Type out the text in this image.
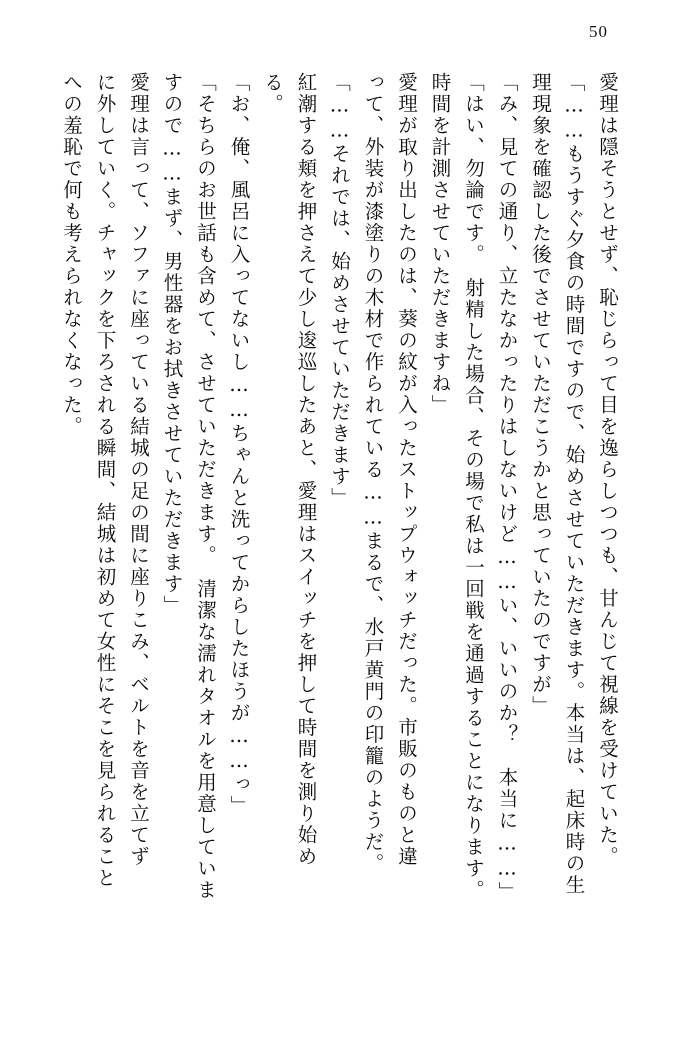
50
愛理は隠そうとせず、恥じらって目を逸らしつつも、甘んじて視線を受けていた。
「……もうすぐ夕食の時間ですので、始めさせていただきます。本当は、起床時の生
理現象を確認した後でさせていただこうかと思っていたのですが」
「み、見ての通り、立たなかったりはしないけど……い、いいのか？　本当に……」
「はい、勿論です。　射精した場合、その場で私は一回戦を通過することになります。
時間を計測させていただきますね」
愛理が取り出したのは、葵の紋が入ったストップウォッチだった。市販のものと違
って、外装が漆塗りの木材で作られている……まるで、水戸黄門の印籠のようだ。
「……それでは、始めさせていただきます」
紅潮する頬を押さえて少し逡巡したあと、愛理はスイッチを押して時間を測り始め
る。
「お、俺、風呂に入ってないし……ちゃんと洗ってからしたほうが……っ」
「そちらのお世話も含めて、させていただきます。　清潔な濡れタオルを用意していま
すので……まず、男性器をお拭きさせていただきます」
愛理は言って、ソファに座っている結城の足の間に座りこみ、ベルトを音を立てず
に外していく。チャックを下ろされる瞬間、結城は初めて女性にそこを見られること
への羞恥で何も考えられなくなった。
